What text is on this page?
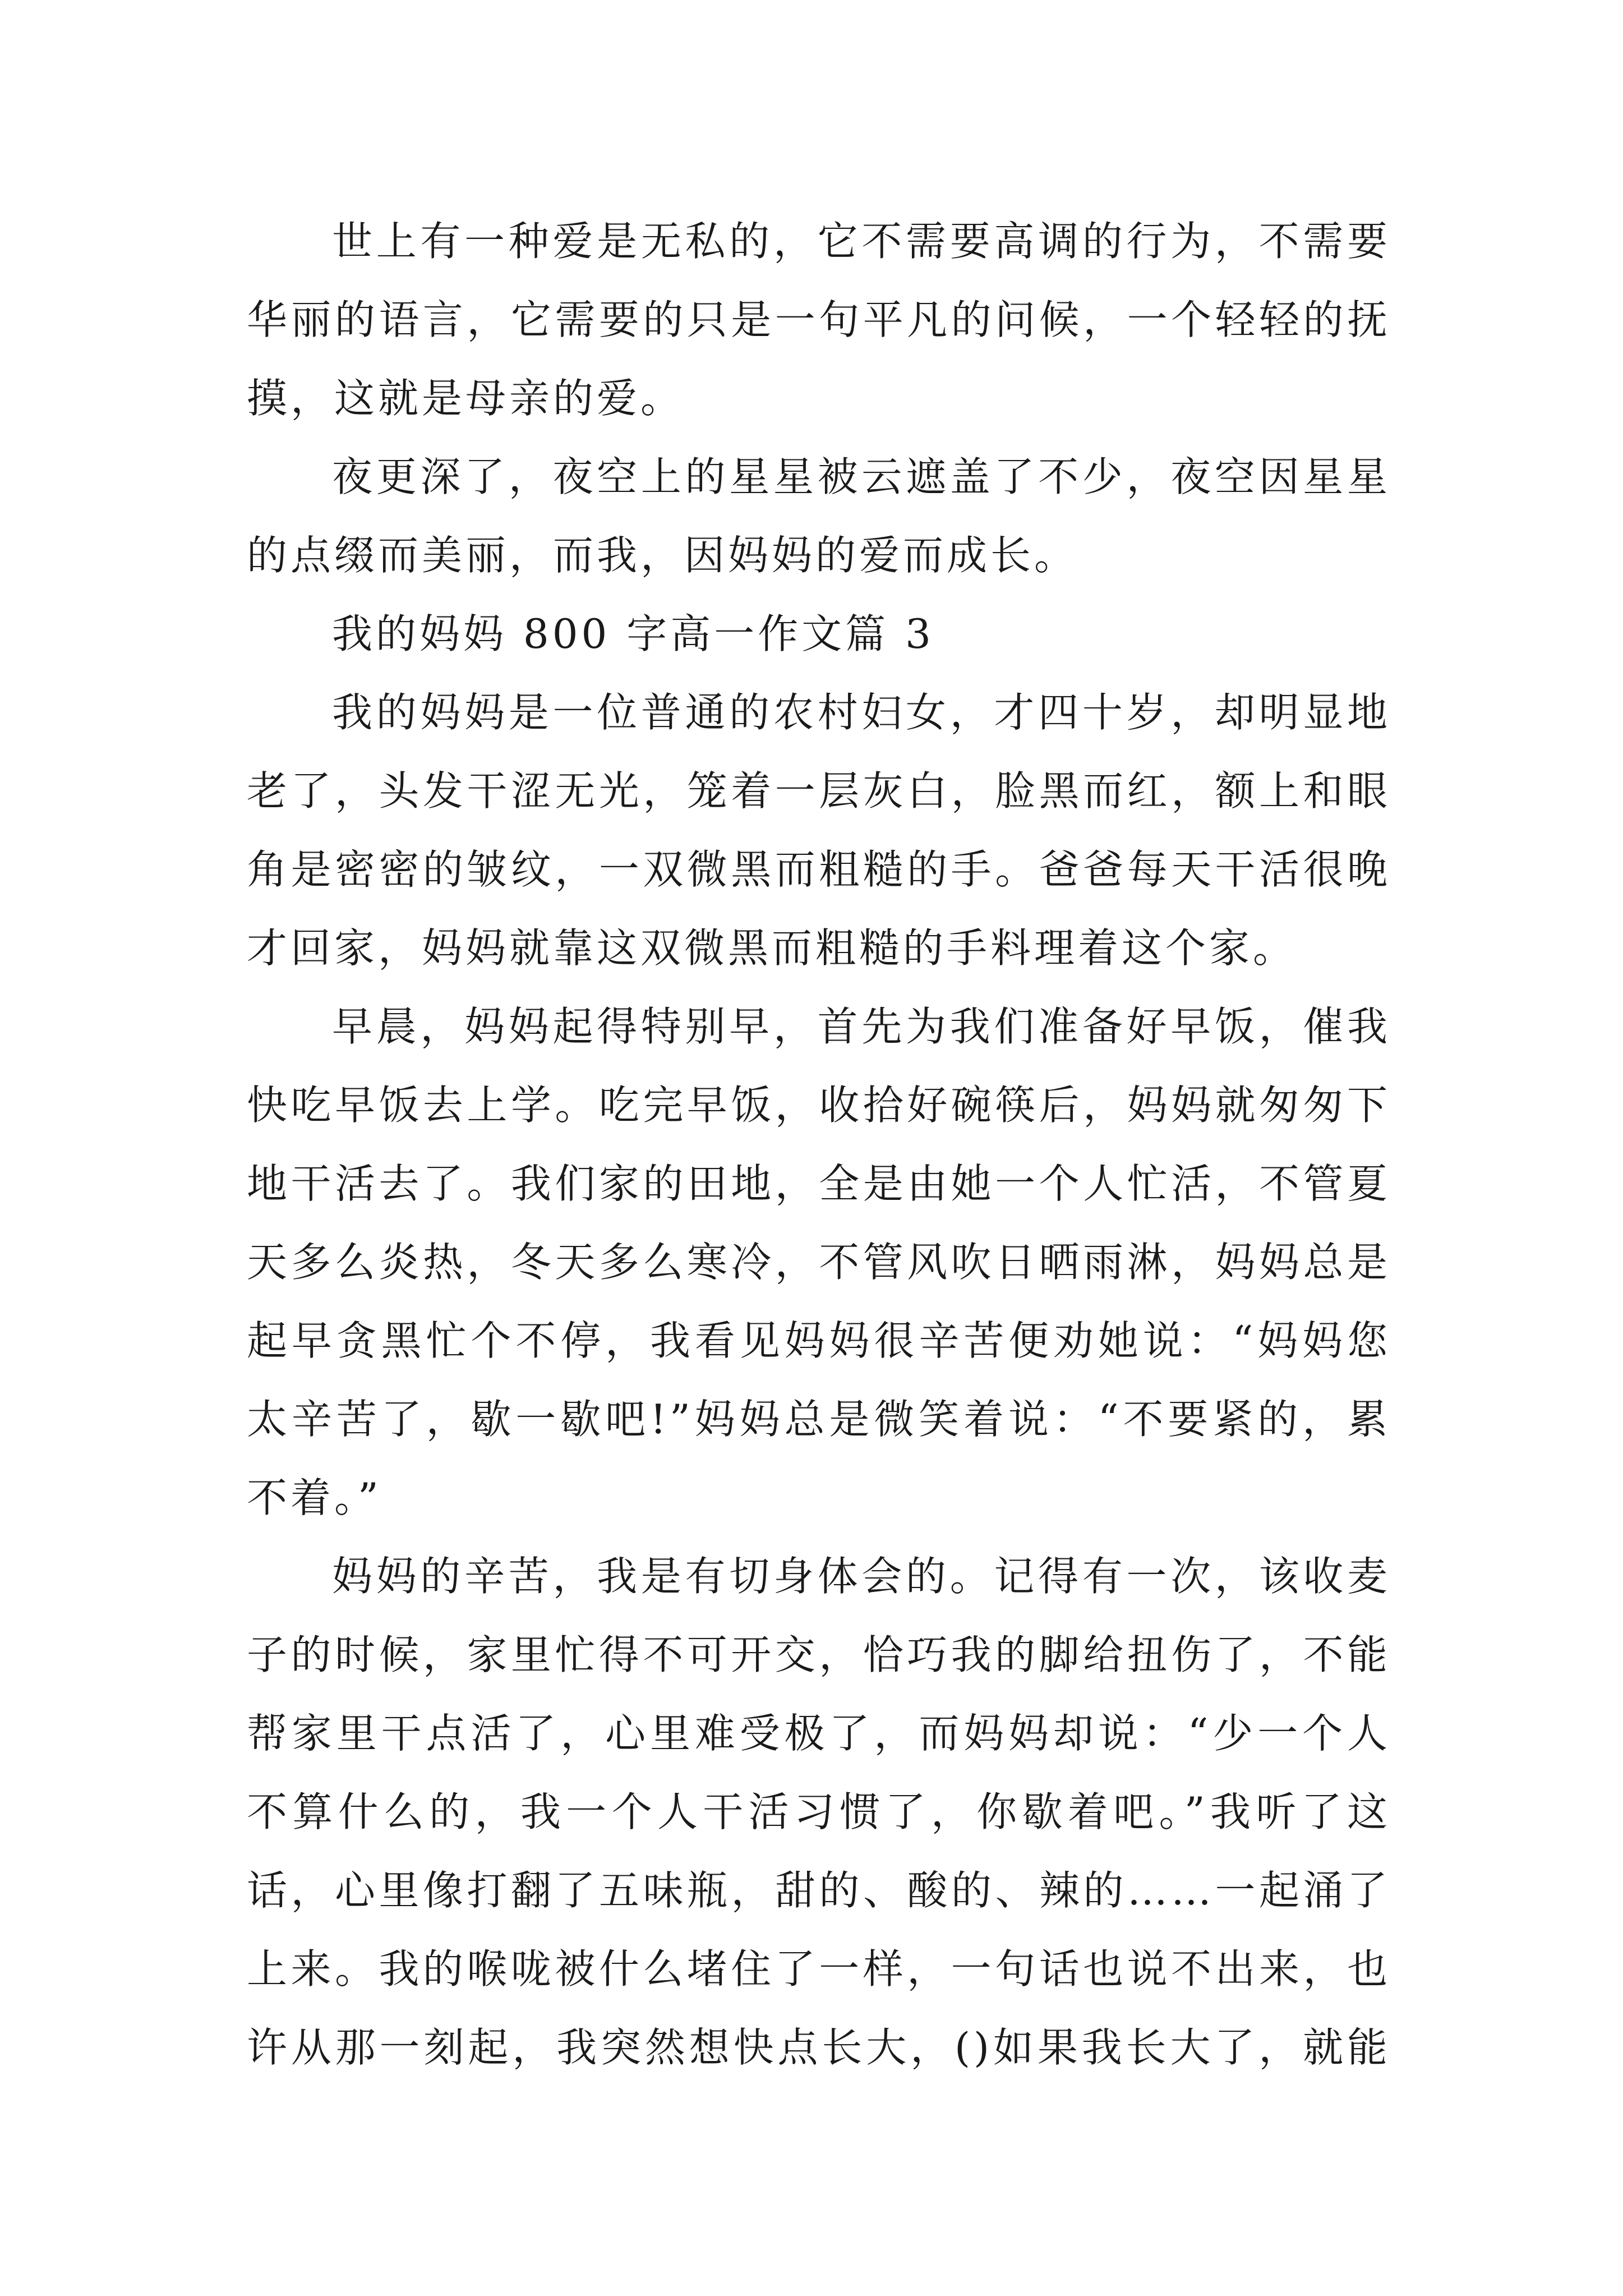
世上有一种爱是无私的，它不需要高调的行为，不需要
华丽的语言，它需要的只是一句平凡的问候，一个轻轻的抚
摸，这就是母亲的爱。
夜更深了，夜空上的星星被云遮盖了不少，夜空因星星
的点缀而美丽，而我，因妈妈的爱而成长。
我的妈妈 800 字高一作文篇 3
我的妈妈是一位普通的农村妇女，才四十岁，却明显地
老了，头发干涩无光，笼着一层灰白，脸黑而红，额上和眼
角是密密的皱纹，一双微黑而粗糙的手。爸爸每天干活很晚
才回家，妈妈就靠这双微黑而粗糙的手料理着这个家。
早晨，妈妈起得特别早，首先为我们准备好早饭，催我
快吃早饭去上学。吃完早饭，收拾好碗筷后，妈妈就匆匆下
地干活去了。我们家的田地，全是由她一个人忙活，不管夏
天多么炎热，冬天多么寒冷，不管风吹日晒雨淋，妈妈总是
起早贪黑忙个不停，我看见妈妈很辛苦便劝她说：“妈妈您
太辛苦了，歇一歇吧!”妈妈总是微笑着说：“不要紧的，累
不着。”
妈妈的辛苦，我是有切身体会的。记得有一次，该收麦
子的时候，家里忙得不可开交，恰巧我的脚给扭伤了，不能
帮家里干点活了，心里难受极了，而妈妈却说：“少一个人
不算什么的，我一个人干活习惯了，你歇着吧。”我听了这
话，心里像打翻了五味瓶，甜的、酸的、辣的……一起涌了
上来。我的喉咙被什么堵住了一样，一句话也说不出来，也
许从那一刻起，我突然想快点长大，()如果我长大了，就能
